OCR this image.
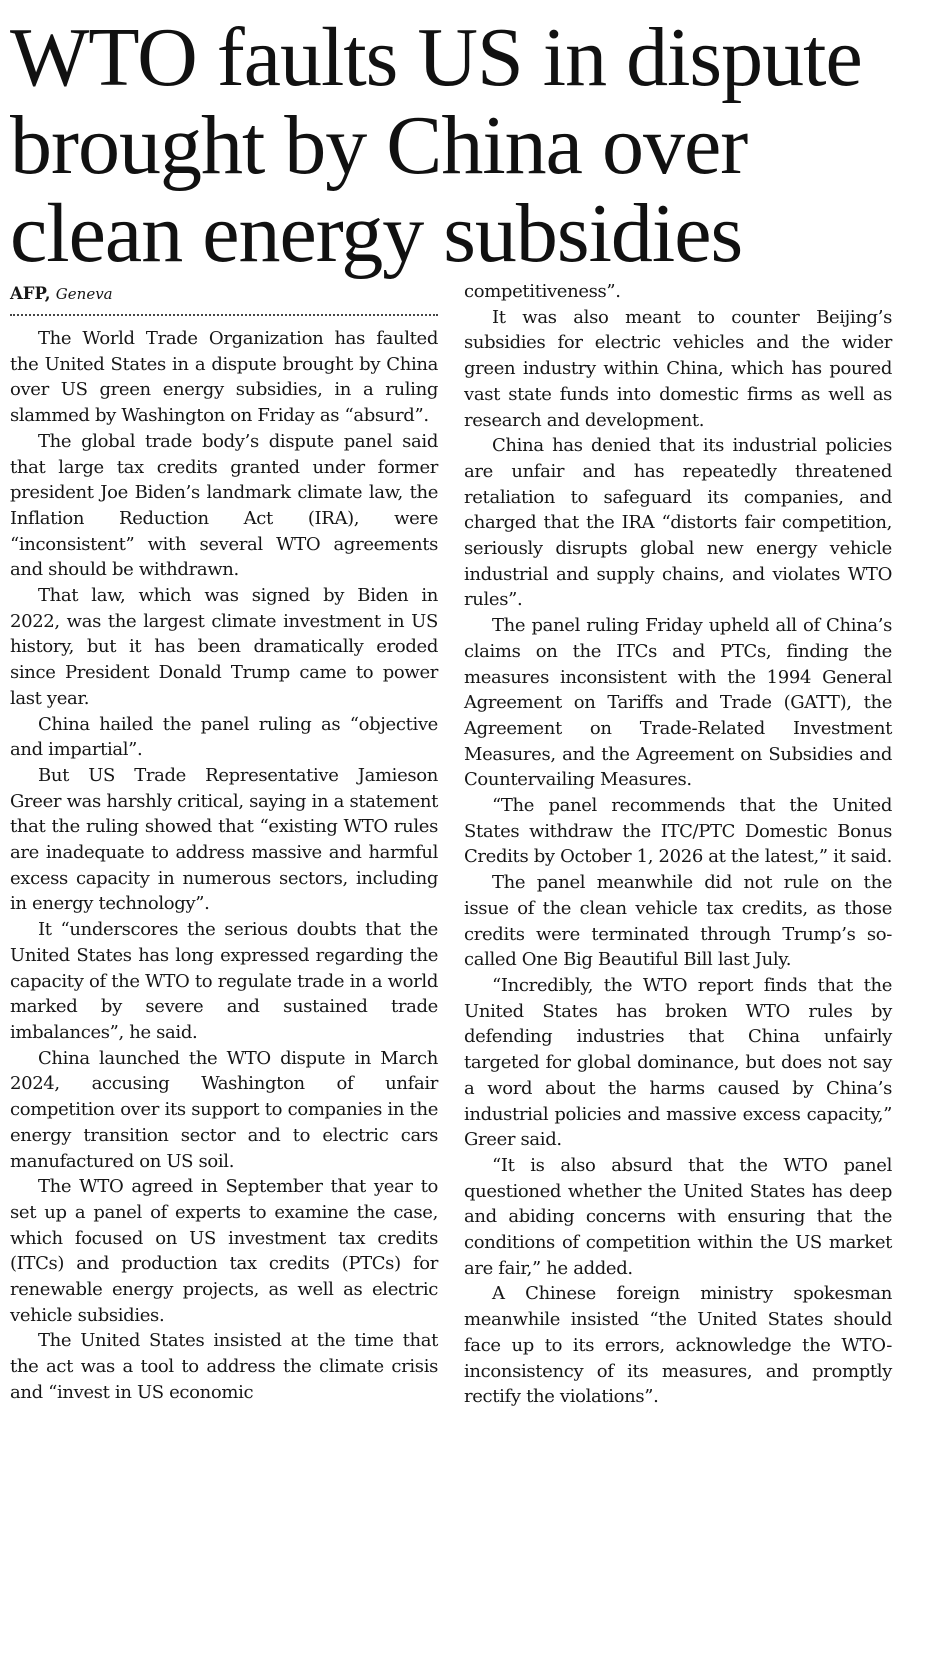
WTO faults US in dispute
brought by China over
clean energy subsidies
AFP, Geneva

The World Trade Organization has faulted the United States in a dispute brought by China over US green energy subsidies, in a ruling slammed by Washington on Friday as “absurd”.

The global trade body’s dispute panel said that large tax credits granted under former president Joe Biden’s landmark climate law, the Inflation Reduction Act (IRA), were “inconsistent” with several WTO agreements and should be withdrawn.

That law, which was signed by Biden in 2022, was the largest climate investment in US history, but it has been dramatically eroded since President Donald Trump came to power last year.

China hailed the panel ruling as “objective and impartial”.

But US Trade Representative Jamieson Greer was harshly critical, saying in a statement that the ruling showed that “existing WTO rules are inadequate to address massive and harmful excess capacity in numerous sectors, including in energy technology”.

It “underscores the serious doubts that the United States has long expressed regarding the capacity of the WTO to regulate trade in a world marked by severe and sustained trade imbalances”, he said.

China launched the WTO dispute in March 2024, accusing Washington of unfair competition over its support to companies in the energy transition sector and to electric cars manufactured on US soil.

The WTO agreed in September that year to set up a panel of experts to examine the case, which focused on US investment tax credits (ITCs) and production tax credits (PTCs) for renewable energy projects, as well as electric vehicle subsidies.

The United States insisted at the time that the act was a tool to address the climate crisis and “invest in US economic

competitiveness”.

It was also meant to counter Beijing’s subsidies for electric vehicles and the wider green industry within China, which has poured vast state funds into domestic firms as well as research and development.

China has denied that its industrial policies are unfair and has repeatedly threatened retaliation to safeguard its companies, and charged that the IRA “distorts fair competition, seriously disrupts global new energy vehicle industrial and supply chains, and violates WTO rules”.

The panel ruling Friday upheld all of China’s claims on the ITCs and PTCs, finding the measures inconsistent with the 1994 General Agreement on Tariffs and Trade (GATT), the Agreement on Trade-Related Investment Measures, and the Agreement on Subsidies and Countervailing Measures.

“The panel recommends that the United States withdraw the ITC/PTC Domestic Bonus Credits by October 1, 2026 at the latest,” it said.

The panel meanwhile did not rule on the issue of the clean vehicle tax credits, as those credits were terminated through Trump’s so-called One Big Beautiful Bill last July.

“Incredibly, the WTO report finds that the United States has broken WTO rules by defending industries that China unfairly targeted for global dominance, but does not say a word about the harms caused by China’s industrial policies and massive excess capacity,” Greer said.

“It is also absurd that the WTO panel questioned whether the United States has deep and abiding concerns with ensuring that the conditions of competition within the US market are fair,” he added.

A Chinese foreign ministry spokesman meanwhile insisted “the United States should face up to its errors, acknowledge the WTO-inconsistency of its measures, and promptly rectify the violations”.
